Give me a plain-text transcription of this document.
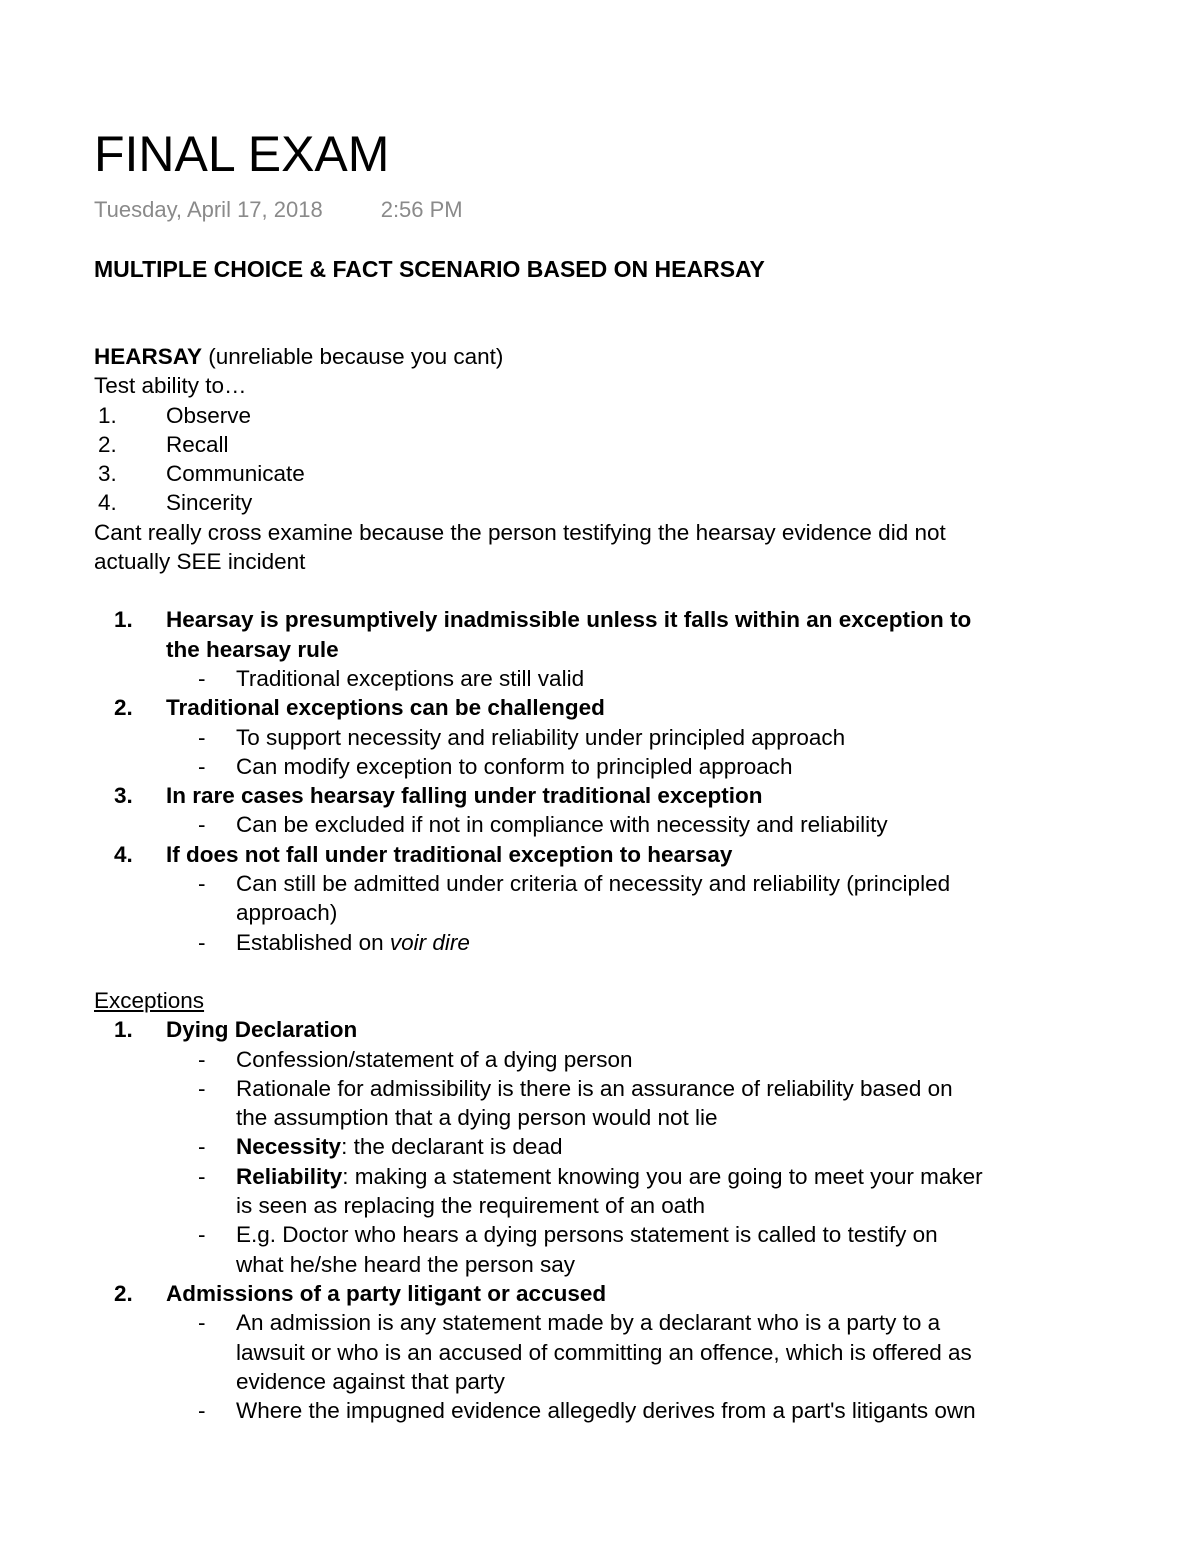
FINAL EXAM
Tuesday, April 17, 2018	2:56 PM
MULTIPLE CHOICE & FACT SCENARIO BASED ON HEARSAY
HEARSAY (unreliable because you cant)
Test ability to…
1.	Observe
2.	Recall
3.	Communicate
4.	Sincerity
Cant really cross examine because the person testifying the hearsay evidence did not
actually SEE incident
1.	Hearsay is presumptively inadmissible unless it falls within an exception to
the hearsay rule
-	Traditional exceptions are still valid
2.	Traditional exceptions can be challenged
-	To support necessity and reliability under principled approach
-	Can modify exception to conform to principled approach
3.	In rare cases hearsay falling under traditional exception
-	Can be excluded if not in compliance with necessity and reliability
4.	If does not fall under traditional exception to hearsay
-	Can still be admitted under criteria of necessity and reliability (principled
approach)
-	Established on voir dire
Exceptions
1.	Dying Declaration
-	Confession/statement of a dying person
-	Rationale for admissibility is there is an assurance of reliability based on
the assumption that a dying person would not lie
-	Necessity: the declarant is dead
-	Reliability: making a statement knowing you are going to meet your maker
is seen as replacing the requirement of an oath
-	E.g. Doctor who hears a dying persons statement is called to testify on
what he/she heard the person say
2.	Admissions of a party litigant or accused
-	An admission is any statement made by a declarant who is a party to a
lawsuit or who is an accused of committing an offence, which is offered as
evidence against that party
-	Where the impugned evidence allegedly derives from a part's litigants own
